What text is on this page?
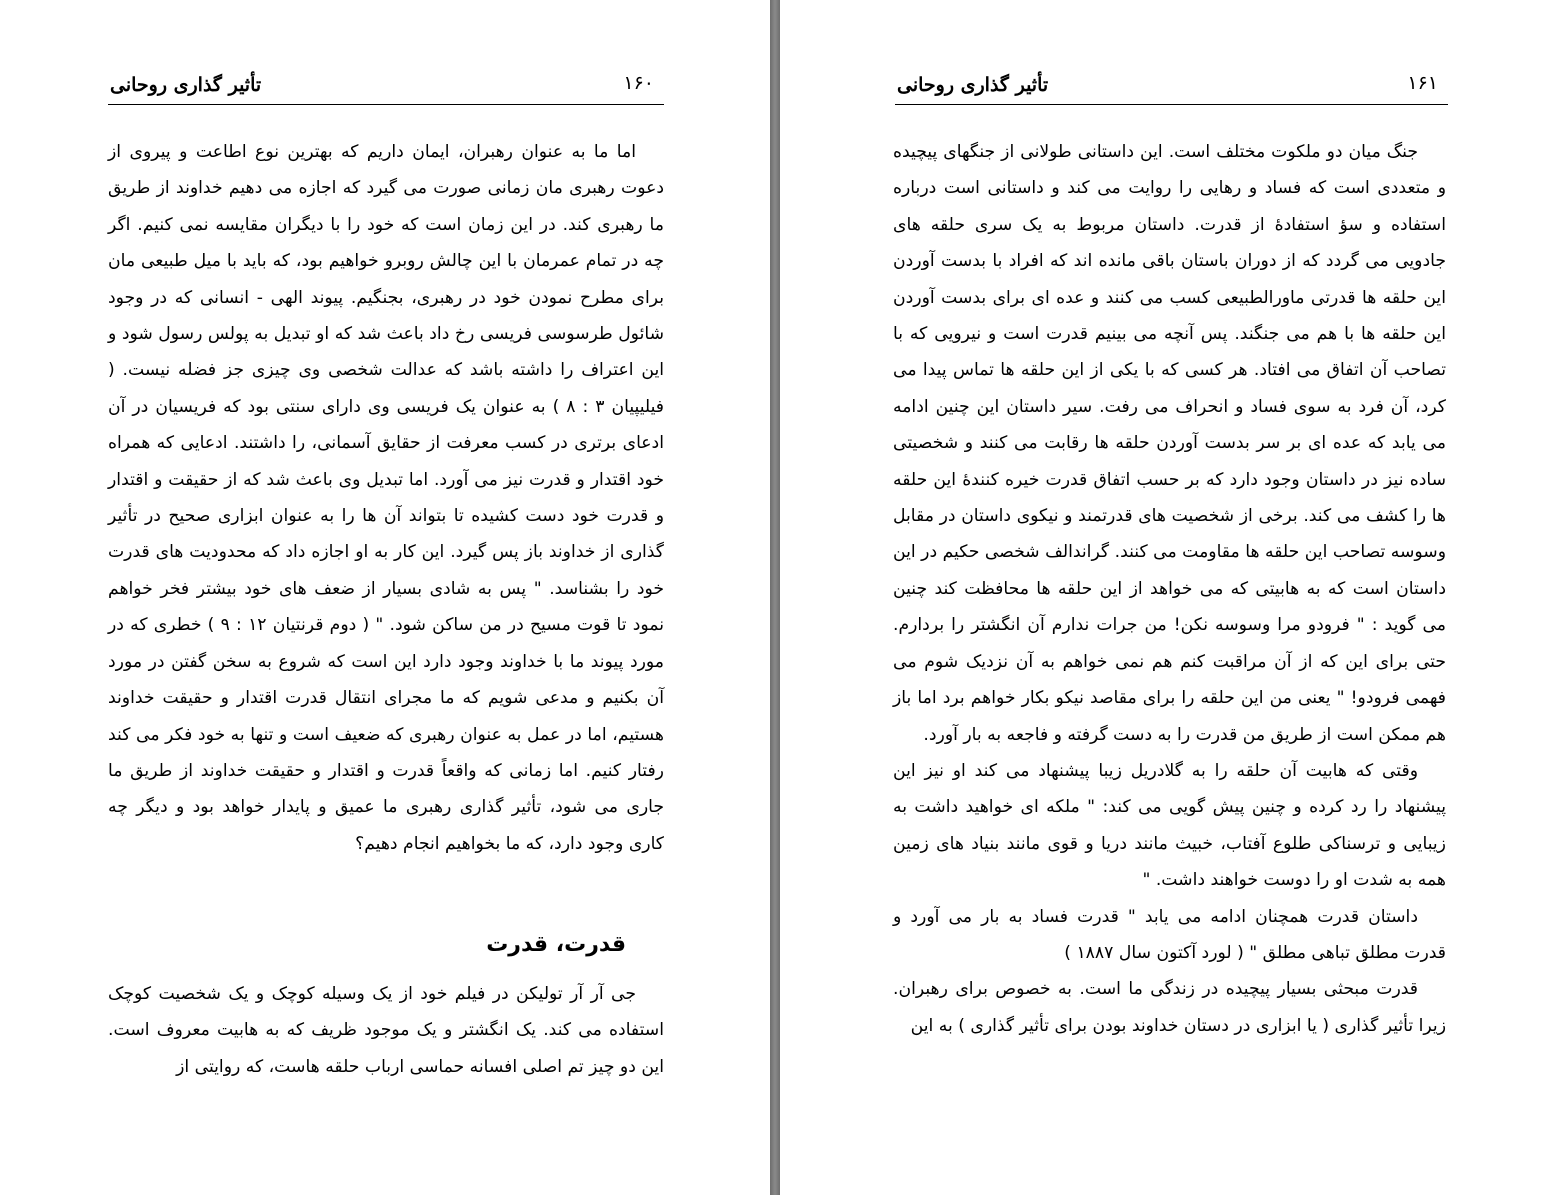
۱۶۰
تأثیر گذاری روحانی

اما ما به عنوان رهبران، ایمان داریم که بهترین نوع اطاعت و پیروی از دعوت رهبری مان زمانی صورت می گیرد که اجازه می دهیم خداوند از طریق ما رهبری کند. در این زمان است که خود را با دیگران مقایسه نمی کنیم. اگر چه در تمام عمرمان با این چالش روبرو خواهیم بود، که باید با میل طبیعی مان برای مطرح نمودن خود در رهبری، بجنگیم. پیوند الهی - انسانی که در وجود شائول طرسوسی فریسی رخ داد باعث شد که او تبدیل به پولس رسول شود و این اعتراف را داشته باشد که عدالت شخصی وی چیزی جز فضله نیست. ( فیلیپیان ۳ : ۸ ) به عنوان یک فریسی وی دارای سنتی بود که فریسیان در آن ادعای برتری در کسب معرفت از حقایق آسمانی، را داشتند. ادعایی که همراه خود اقتدار و قدرت نیز می آورد. اما تبدیل وی باعث شد که از حقیقت و اقتدار و قدرت خود دست کشیده تا بتواند آن ها را به عنوان ابزاری صحیح در تأثیر گذاری از خداوند باز پس گیرد. این کار به او اجازه داد که محدودیت های قدرت خود را بشناسد. " پس به شادی بسیار از ضعف های خود بیشتر فخر خواهم نمود تا قوت مسیح در من ساکن شود. " ( دوم قرنتیان ۱۲ : ۹ ) خطری که در مورد پیوند ما با خداوند وجود دارد این است که شروع به سخن گفتن در مورد آن بکنیم و مدعی شویم که ما مجرای انتقال قدرت اقتدار و حقیقت خداوند هستیم، اما در عمل به عنوان رهبری که ضعیف است و تنها به خود فکر می کند رفتار کنیم. اما زمانی که واقعاً قدرت و اقتدار و حقیقت خداوند از طریق ما جاری می شود، تأثیر گذاری رهبری ما عمیق و پایدار خواهد بود و دیگر چه کاری وجود دارد، که ما بخواهیم انجام دهیم؟

قدرت، قدرت

جی آر آر تولیکن در فیلم خود از یک وسیله کوچک و یک شخصیت کوچک استفاده می کند. یک انگشتر و یک موجود ظریف که به هابیت معروف است. این دو چیز تم اصلی افسانه حماسی ارباب حلقه هاست، که روایتی از

۱۶۱
تأثیر گذاری روحانی

جنگ میان دو ملکوت مختلف است. این داستانی طولانی از جنگهای پیچیده و متعددی است که فساد و رهایی را روایت می کند و داستانی است درباره استفاده و سؤ استفادهٔ از قدرت. داستان مربوط به یک سری حلقه های جادویی می گردد که از دوران باستان باقی مانده اند که افراد با بدست آوردن این حلقه ها قدرتی ماورالطبیعی کسب می کنند و عده ای برای بدست آوردن این حلقه ها با هم می جنگند. پس آنچه می بینیم قدرت است و نیرویی که با تصاحب آن اتفاق می افتاد. هر کسی که با یکی از این حلقه ها تماس پیدا می کرد، آن فرد به سوی فساد و انحراف می رفت. سیر داستان این چنین ادامه می یابد که عده ای بر سر بدست آوردن حلقه ها رقابت می کنند و شخصیتی ساده نیز در داستان وجود دارد که بر حسب اتفاق قدرت خیره کنندهٔ این حلقه ها را کشف می کند. برخی از شخصیت های قدرتمند و نیکوی داستان در مقابل وسوسه تصاحب این حلقه ها مقاومت می کنند. گراندالف شخصی حکیم در این داستان است که به هابیتی که می خواهد از این حلقه ها محافظت کند چنین می گوید : " فرودو مرا وسوسه نکن! من جرات ندارم آن انگشتر را بردارم. حتی برای این که از آن مراقبت کنم هم نمی خواهم به آن نزدیک شوم می فهمی فرودو! " یعنی من این حلقه را برای مقاصد نیکو بکار خواهم برد اما باز هم ممکن است از طریق من قدرت را به دست گرفته و فاجعه به بار آورد.

وقتی که هابیت آن حلقه را به گلادریل زیبا پیشنهاد می کند او نیز این پیشنهاد را رد کرده و چنین پیش گویی می کند: " ملکه ای خواهید داشت به زیبایی و ترسناکی طلوع آفتاب، خبیث مانند دریا و قوی مانند بنیاد های زمین همه به شدت او را دوست خواهند داشت. "

داستان قدرت همچنان ادامه می یابد " قدرت فساد به بار می آورد و قدرت مطلق تباهی مطلق " ( لورد آکتون سال ۱۸۸۷ )

قدرت مبحثی بسیار پیچیده در زندگی ما است. به خصوص برای رهبران. زیرا تأثیر گذاری ( یا ابزاری در دستان خداوند بودن برای تأثیر گذاری ) به این
